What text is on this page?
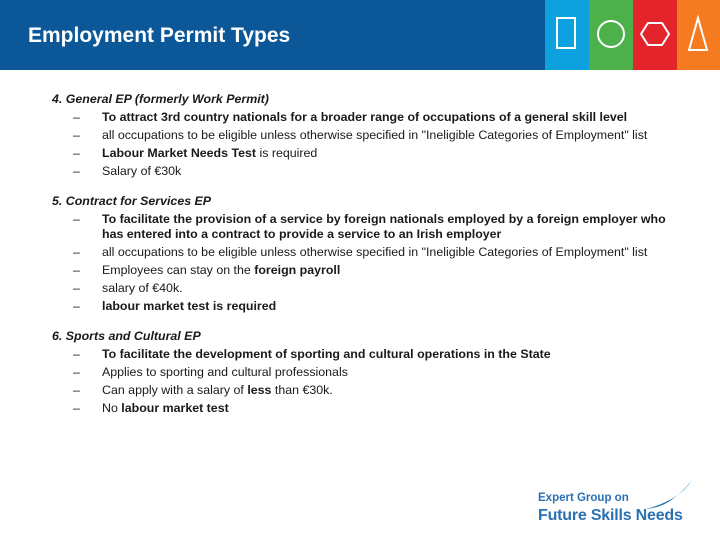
Employment Permit Types
4. General EP (formerly Work Permit)
– To attract 3rd country nationals for a broader range of occupations of a general skill level
– all occupations to be eligible unless otherwise specified in "Ineligible Categories of Employment" list
– Labour Market Needs Test is required
– Salary of €30k
5. Contract for Services EP
– To facilitate the provision of a service by foreign nationals employed by a foreign employer who has entered into a contract to provide a service to an Irish employer
– all occupations to be eligible unless otherwise specified in "Ineligible Categories of Employment" list
– Employees can stay on the foreign payroll
– salary of €40k.
– labour market test is required
6. Sports and Cultural EP
– To facilitate the development of sporting and cultural operations in the State
– Applies to sporting and cultural professionals
– Can apply with a salary of less than €30k.
– No labour market test
Expert Group on
Future Skills Needs
